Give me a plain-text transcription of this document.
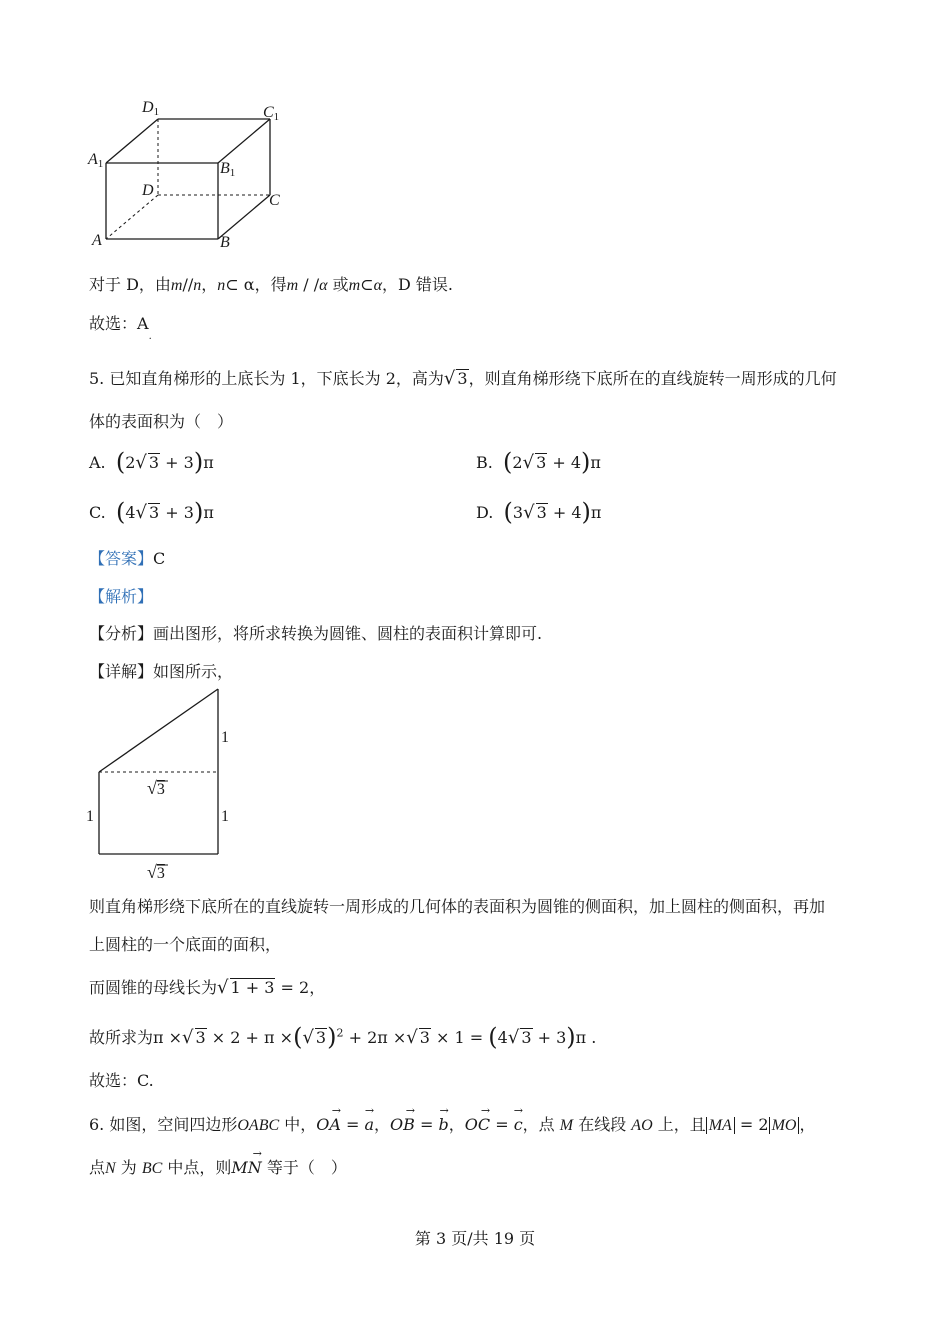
D1	C1
A1	B1
D
C
A	B
对于 D，由m//n，n⊂ α，得m / /α 或m⊂α，D 错误.
故选：$A_.$
5. 已知直角梯形的上底长为 1，下底长为 2，高为√ 3，则直角梯形绕下底所在的直线旋转一周形成的几何
体的表面积为（　）
A. (2√ 3 + 3)π	B. (2√ 3 + 4)π
C. (4√ 3 + 3)π	D. (3√ 3 + 4)π
【答案】C
【解析】
【分析】画出图形，将所求转换为圆锥、圆柱的表面积计算即可.
【详解】如图所示，
1
√3
1	1
√3
则直角梯形绕下底所在的直线旋转一周形成的几何体的表面积为圆锥的侧面积，加上圆柱的侧面积，再加
上圆柱的一个底面的面积，
而圆锥的母线长为√ 1 + 3 = 2，
故所求为π ×√ 3 × 2 + π ×(√ 3)$^2$ + 2π ×√ 3 × 1 = (4√ 3 + 3)π .
故选：C.
6. 如图，空间四边形OABC 中，→ OA = → a，→ OB = → b，→ OC = → c，点 M 在线段 AO 上，且 MA = 2 MO ，
点N 为 BC 中点，则→ MN 等于（　）
第 3 页/共 19 页
